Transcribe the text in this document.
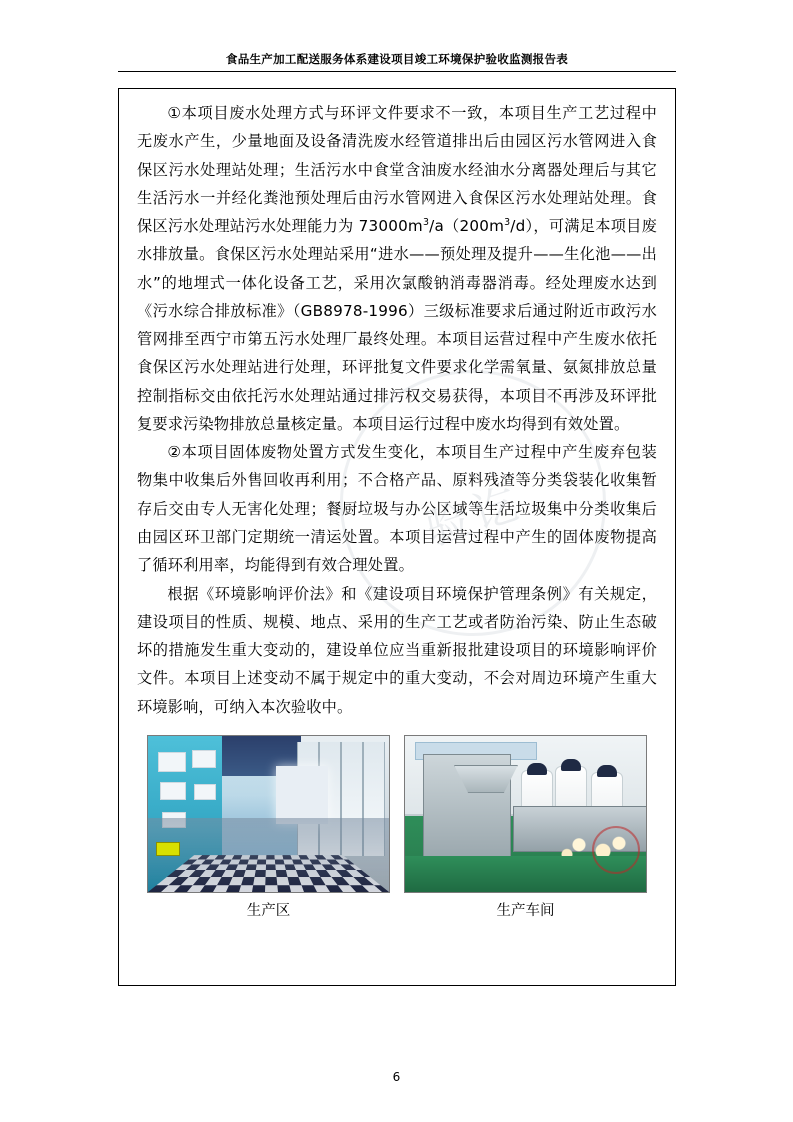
食品生产加工配送服务体系建设项目竣工环境保护验收监测报告表

①本项目废水处理方式与环评文件要求不一致，本项目生产工艺过程中无废水产生，少量地面及设备清洗废水经管道排出后由园区污水管网进入食保区污水处理站处理；生活污水中食堂含油废水经油水分离器处理后与其它生活污水一并经化粪池预处理后由污水管网进入食保区污水处理站处理。食保区污水处理站污水处理能力为 $73000m^3/a(200m^3/d)$，可满足本项目废水排放量。食保区污水处理站采用“进水——预处理及提升——生化池——出水”的地埋式一体化设备工艺，采用次氯酸钠消毒器消毒。经处理废水达到《污水综合排放标准》（GB8978-1996）三级标准要求后通过附近市政污水管网排至西宁市第五污水处理厂最终处理。本项目运营过程中产生废水依托食保区污水处理站进行处理，环评批复文件要求化学需氧量、氨氮排放总量控制指标交由依托污水处理站通过排污权交易获得，本项目不再涉及环评批复要求污染物排放总量核定量。本项目运行过程中废水均得到有效处置。

②本项目固体废物处置方式发生变化，本项目生产过程中产生废弃包装物集中收集后外售回收再利用；不合格产品、原料残渣等分类袋装化收集暂存后交由专人无害化处理；餐厨垃圾与办公区域等生活垃圾集中分类收集后由园区环卫部门定期统一清运处置。本项目运营过程中产生的固体废物提高了循环利用率，均能得到有效合理处置。

根据《环境影响评价法》和《建设项目环境保护管理条例》有关规定，建设项目的性质、规模、地点、采用的生产工艺或者防治污染、防止生态破坏的措施发生重大变动的，建设单位应当重新报批建设项目的环境影响评价文件。本项目上述变动不属于规定中的重大变动，不会对周边环境产生重大环境影响，可纳入本次验收中。

生产区	生产车间
验讫
6
